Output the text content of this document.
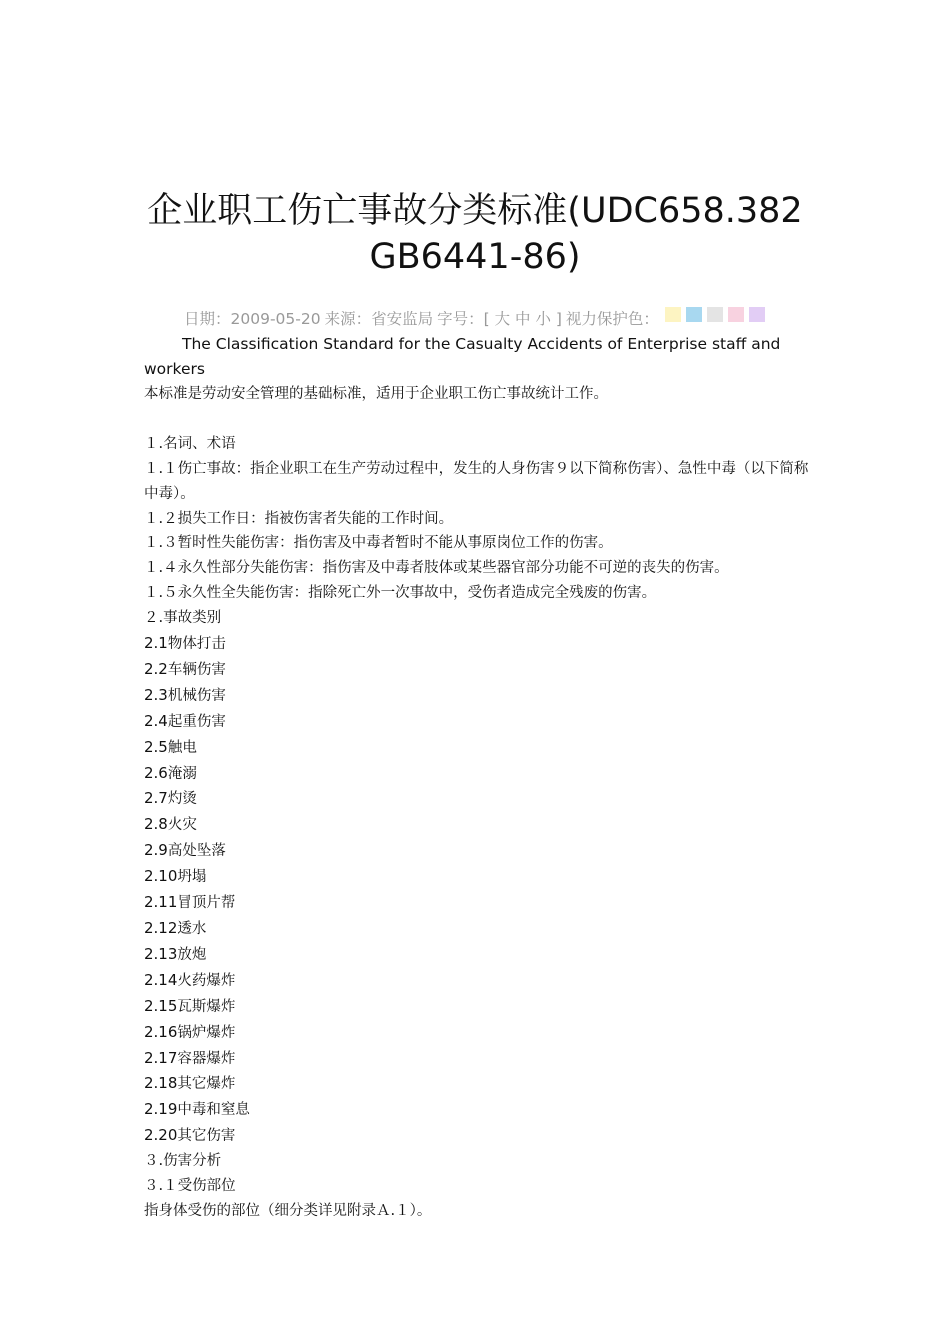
企业职工伤亡事故分类标准(UDC658.382 GB6441-86)
日期：2009-05-20 来源：省安监局 字号：[ 大 中 小 ] 视力保护色：

The Classification Standard for the Casualty Accidents of Enterprise staff and workers

本标准是劳动安全管理的基础标准，适用于企业职工伤亡事故统计工作。
１.名词、术语
１.１伤亡事故：指企业职工在生产劳动过程中，发生的人身伤害９以下简称伤害）、急性中毒（以下简称中毒）。
１.２损失工作日：指被伤害者失能的工作时间。
１.３暂时性失能伤害：指伤害及中毒者暂时不能从事原岗位工作的伤害。
１.４永久性部分失能伤害：指伤害及中毒者肢体或某些器官部分功能不可逆的丧失的伤害。
１.５永久性全失能伤害：指除死亡外一次事故中，受伤者造成完全残废的伤害。
２.事故类别
2.1物体打击
2.2车辆伤害
2.3机械伤害
2.4起重伤害
2.5触电
2.6淹溺
2.7灼烫
2.8火灾
2.9高处坠落
2.10坍塌
2.11冒顶片帮
2.12透水
2.13放炮
2.14火药爆炸
2.15瓦斯爆炸
2.16锅炉爆炸
2.17容器爆炸
2.18其它爆炸
2.19中毒和窒息
2.20其它伤害
３.伤害分析
３.１受伤部位
指身体受伤的部位（细分类详见附录Ａ.１）。
